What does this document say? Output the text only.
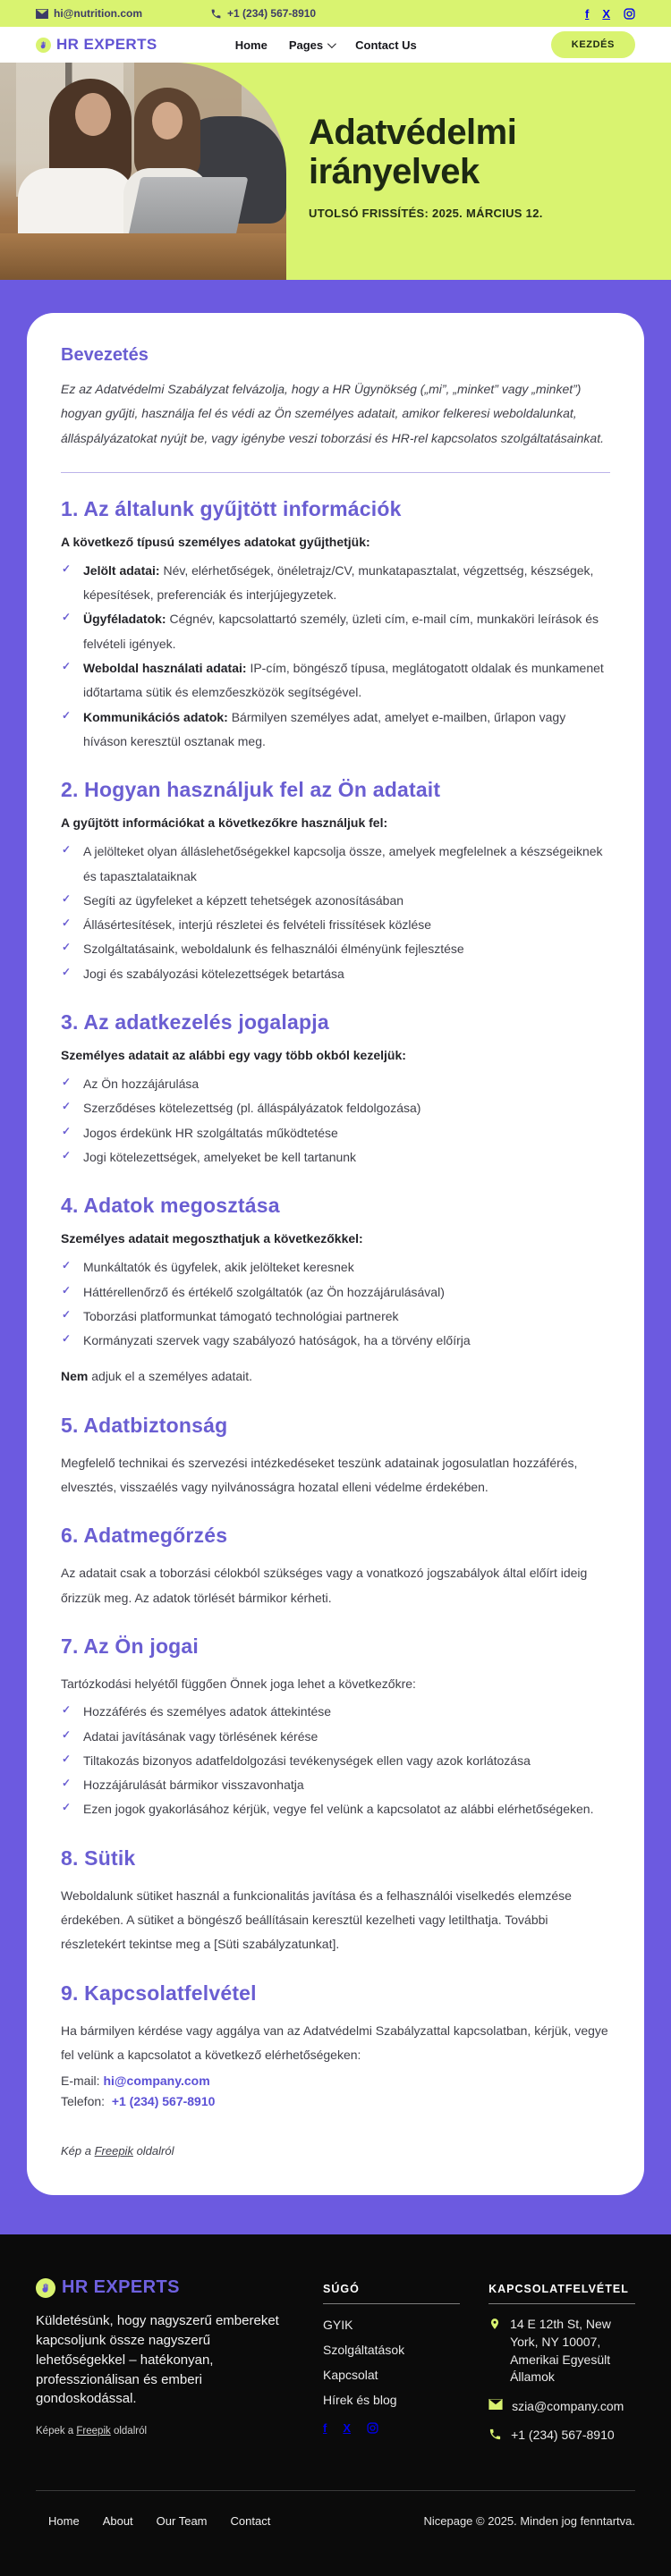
hi@nutrition.com	+1 (234) 567-8910	f X
HR EXPERTS	Home Pages	Contact Us	KEZDÉS
Adatvédelmi
irányelvek
UTOLSÓ FRISSÍTÉS: 2025. MÁRCIUS 12.
Bevezetés

Ez az Adatvédelmi Szabályzat felvázolja, hogy a HR Ügynökség („mi”, „minket” vagy „minket”) hogyan gyűjti, használja fel és védi az Ön személyes adatait, amikor felkeresi weboldalunkat, álláspályázatokat nyújt be, vagy igénybe veszi toborzási és HR-rel kapcsolatos szolgáltatásainkat.

1. Az általunk gyűjtött információk

A következő típusú személyes adatokat gyűjthetjük:

✓ Jelölt adatai: Név, elérhetőségek, önéletrajz/CV, munkatapasztalat, végzettség, készségek, képesítések, preferenciák és interjújegyzetek.
✓ Ügyféladatok: Cégnév, kapcsolattartó személy, üzleti cím, e-mail cím, munkaköri leírások és felvételi igények.
✓ Weboldal használati adatai: IP-cím, böngésző típusa, meglátogatott oldalak és munkamenet időtartama sütik és elemzőeszközök segítségével.
✓ Kommunikációs adatok: Bármilyen személyes adat, amelyet e-mailben, űrlapon vagy híváson keresztül osztanak meg.
2. Hogyan használjuk fel az Ön adatait

A gyűjtött információkat a következőkre használjuk fel:

✓ A jelölteket olyan álláslehetőségekkel kapcsolja össze, amelyek megfelelnek a készségeiknek és tapasztalataiknak
✓ Segíti az ügyfeleket a képzett tehetségek azonosításában
✓ Állásértesítések, interjú részletei és felvételi frissítések közlése
✓ Szolgáltatásaink, weboldalunk és felhasználói élményünk fejlesztése
✓ Jogi és szabályozási kötelezettségek betartása
3. Az adatkezelés jogalapja

Személyes adatait az alábbi egy vagy több okból kezeljük:

✓ Az Ön hozzájárulása
✓ Szerződéses kötelezettség (pl. álláspályázatok feldolgozása)
✓ Jogos érdekünk HR szolgáltatás működtetése
✓ Jogi kötelezettségek, amelyeket be kell tartanunk
4. Adatok megosztása

Személyes adatait megoszthatjuk a következőkkel:

✓ Munkáltatók és ügyfelek, akik jelölteket keresnek
✓ Háttérellenőrző és értékelő szolgáltatók (az Ön hozzájárulásával)
✓ Toborzási platformunkat támogató technológiai partnerek
✓ Kormányzati szervek vagy szabályozó hatóságok, ha a törvény előírja

Nem adjuk el a személyes adatait.

5. Adatbiztonság

Megfelelő technikai és szervezési intézkedéseket teszünk adatainak jogosulatlan hozzáférés, elvesztés, visszaélés vagy nyilvánosságra hozatal elleni védelme érdekében.

6. Adatmegőrzés

Az adatait csak a toborzási célokból szükséges vagy a vonatkozó jogszabályok által előírt ideig őrizzük meg. Az adatok törlését bármikor kérheti.

7. Az Ön jogai

Tartózkodási helyétől függően Önnek joga lehet a következőkre:

✓ Hozzáférés és személyes adatok áttekintése
✓ Adatai javításának vagy törlésének kérése
✓ Tiltakozás bizonyos adatfeldolgozási tevékenységek ellen vagy azok korlátozása
✓ Hozzájárulását bármikor visszavonhatja
✓ Ezen jogok gyakorlásához kérjük, vegye fel velünk a kapcsolatot az alábbi elérhetőségeken.
8. Sütik

Weboldalunk sütiket használ a funkcionalitás javítása és a felhasználói viselkedés elemzése érdekében. A sütiket a böngésző beállításain keresztül kezelheti vagy letilthatja. További részletekért tekintse meg a [Süti szabályzatunkat].

9. Kapcsolatfelvétel

Ha bármilyen kérdése vagy aggálya van az Adatvédelmi Szabályzattal kapcsolatban, kérjük, vegye fel velünk a kapcsolatot a következő elérhetőségeken:

E-mail: hi@company.com

Telefon:  +1 (234) 567-8910

Kép a Freepik oldalról

HR EXPERTS

Küldetésünk, hogy nagyszerű embereket kapcsoljunk össze nagyszerű lehetőségekkel – hatékonyan, professzionálisan és emberi gondoskodással.

Képek a Freepik oldalról

SÚGÓ
GYIK
Szolgáltatások
Kapcsolat
Hírek és blog
f X
KAPCSOLATFELVÉTEL
14 E 12th St, New York, NY 10007, Amerikai Egyesült Államok
szia@company.com
+1 (234) 567-8910
Home About Our Team Contact	Nicepage © 2025. Minden jog fenntartva.
